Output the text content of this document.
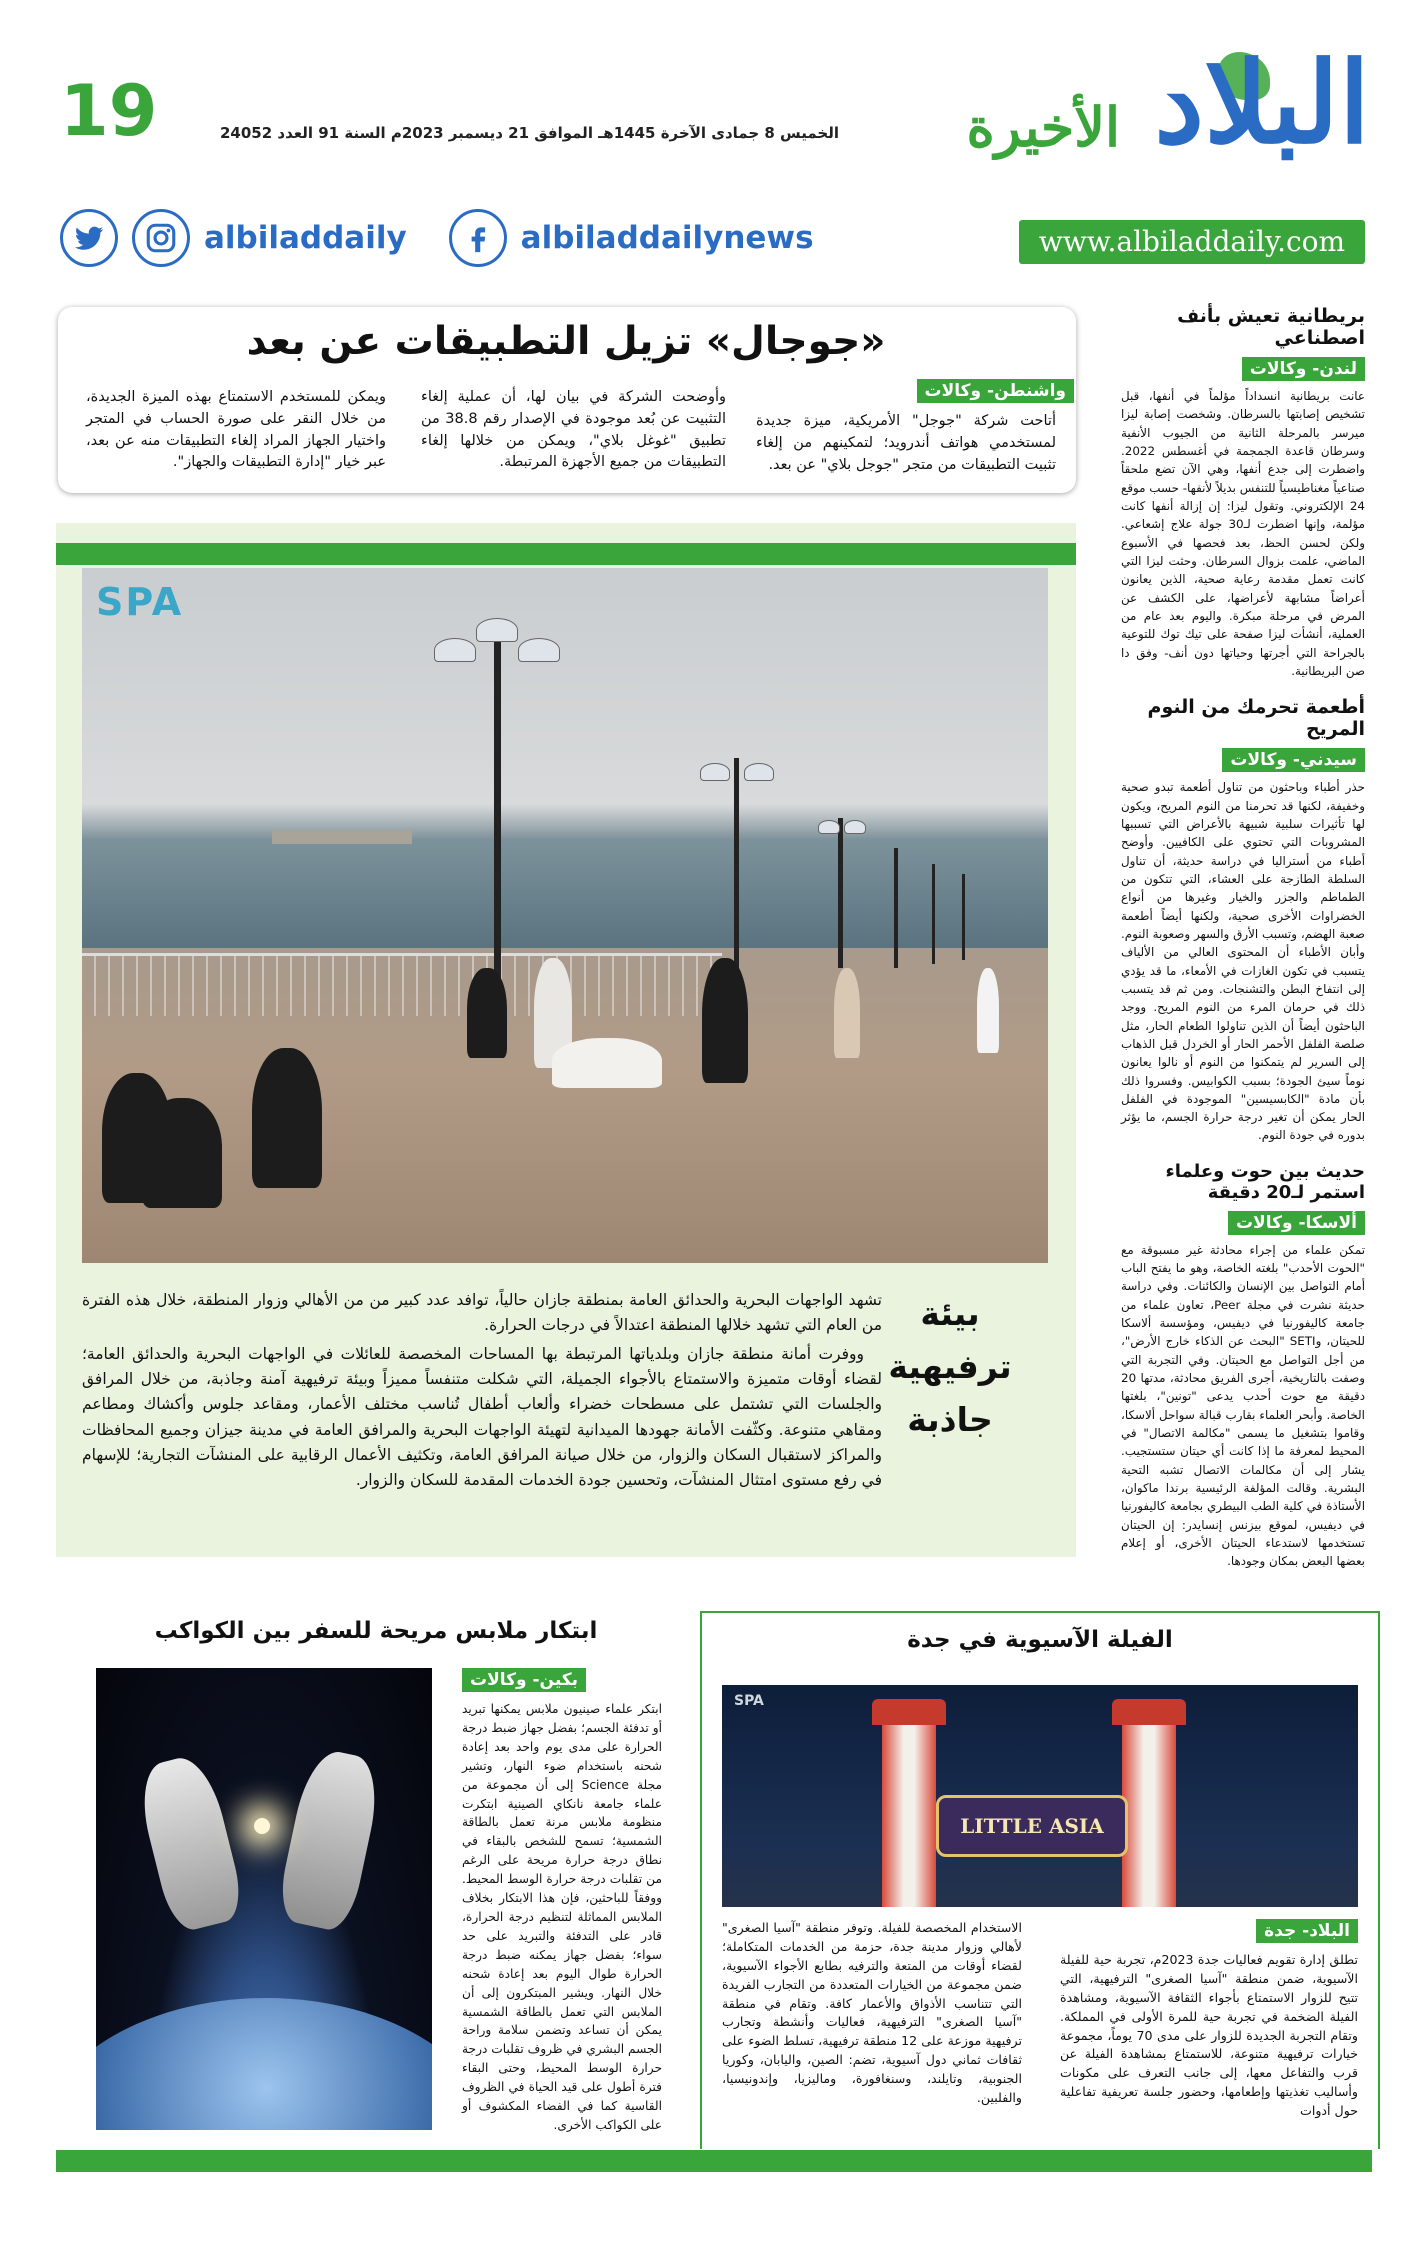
19	الخميس 8 جمادى الآخرة 1445هـ الموافق 21 ديسمبر 2023م السنة 91 العدد 24052	البلاد
الأخيرة
www.albiladdaily.com
albiladdaily	albiladdailynews
«جوجال» تزيل التطبيقات عن بعد
واشنطن- وكالات
أتاحت شركة "جوجل" الأمريكية، ميزة جديدة لمستخدمي هواتف أندرويد؛ لتمكينهم من إلغاء تثبيت التطبيقات من متجر "جوجل بلاي" عن بعد.
وأوضحت الشركة في بيان لها، أن عملية إلغاء التثبيت عن بُعد موجودة في الإصدار رقم 38.8 من تطبيق "غوغل بلاي"، ويمكن من خلالها إلغاء التطبيقات من جميع الأجهزة المرتبطة.
ويمكن للمستخدم الاستمتاع بهذه الميزة الجديدة، من خلال النقر على صورة الحساب في المتجر واختيار الجهاز المراد إلغاء التطبيقات منه عن بعد، عبر خيار "إدارة التطبيقات والجهاز".
SPA
بيئة ترفيهية جاذبة
تشهد الواجهات البحرية والحدائق العامة بمنطقة جازان حالياً، توافد عدد كبير من من الأهالي وزوار المنطقة، خلال هذه الفترة من العام التي تشهد خلالها المنطقة اعتدالاً في درجات الحرارة.
ووفرت أمانة منطقة جازان وبلدياتها المرتبطة بها المساحات المخصصة للعائلات في الواجهات البحرية والحدائق العامة؛ لقضاء أوقات متميزة والاستمتاع بالأجواء الجميلة، التي شكلت متنفساً مميزاً وبيئة ترفيهية آمنة وجاذبة، من خلال المرافق والجلسات التي تشتمل على مسطحات خضراء وألعاب أطفال تُناسب مختلف الأعمار، ومقاعد جلوس وأكشاك ومطاعم ومقاهي متنوعة. وكثّفت الأمانة جهودها الميدانية لتهيئة الواجهات البحرية والمرافق العامة في مدينة جيزان وجميع المحافظات والمراكز لاستقبال السكان والزوار، من خلال صيانة المرافق العامة، وتكثيف الأعمال الرقابية على المنشآت التجارية؛ للإسهام في رفع مستوى امتثال المنشآت، وتحسين جودة الخدمات المقدمة للسكان والزوار.
بريطانية تعيش بأنف اصطناعي
لندن- وكالات
عانت بريطانية انسداداً مؤلماً في أنفها، قبل تشخيص إصابتها بالسرطان. وشخصت إصابة ليزا ميرسر بالمرحلة الثانية من الجيوب الأنفية وسرطان قاعدة الجمجمة في أغسطس 2022. واضطرت إلى جدع أنفها، وهي الآن تضع ملحقاً صناعياً مغناطيسياً للتنفس بديلاً لأنفها- حسب موقع 24 الإلكتروني. وتقول ليزا: إن إزالة أنفها كانت مؤلمة، وإنها اضطرت لـ30 جولة علاج إشعاعي. ولكن لحسن الحظ، بعد فحصها في الأسبوع الماضي، علمت بزوال السرطان. وحثت ليزا التي كانت تعمل مقدمة رعاية صحية، الذين يعانون أعراضاً مشابهة لأعراضها، على الكشف عن المرض في مرحلة مبكرة. واليوم بعد عام من العملية، أنشأت ليزا صفحة على تيك توك للتوعية بالجراحة التي أجرتها وحياتها دون أنف- وفق دا صن البريطانية.
أطعمة تحرمك من النوم المريح
سيدني- وكالات
حذر أطباء وباحثون من تناول أطعمة تبدو صحية وخفيفة، لكنها قد تحرمنا من النوم المريح، ويكون لها تأثيرات سلبية شبيهة بالأعراض التي تسببها المشروبات التي تحتوي على الكافيين. وأوضح أطباء من أستراليا في دراسة حديثة، أن تناول السلطة الطازجة على العشاء، التي تتكون من الطماطم والجزر والخيار وغيرها من أنواع الخضراوات الأخرى صحية، ولكنها أيضاً أطعمة صعبة الهضم، وتسبب الأرق والسهر وصعوبة النوم. وأبان الأطباء أن المحتوى العالي من الألياف يتسبب في تكون الغازات في الأمعاء، ما قد يؤدي إلى انتفاخ البطن والتشنجات. ومن ثم قد يتسبب ذلك في حرمان المرء من النوم المريح. ووجد الباحثون أيضاً أن الذين تناولوا الطعام الحار، مثل صلصة الفلفل الأحمر الحار أو الخردل قبل الذهاب إلى السرير لم يتمكنوا من النوم أو نالوا يعانون نوماً سيئ الجودة؛ بسبب الكوابيس. وفسروا ذلك بأن مادة "الكابسيسين" الموجودة في الفلفل الحار يمكن أن تغير درجة حرارة الجسم، ما يؤثر بدوره في جودة النوم.
حديث بين حوت وعلماء استمر لـ20 دقيقة
ألاسكا- وكالات
تمكن علماء من إجراء محادثة غير مسبوقة مع "الحوت الأحدب" بلغته الخاصة، وهو ما يفتح الباب أمام التواصل بين الإنسان والكائنات. وفي دراسة حديثة نشرت في مجلة Peer، تعاون علماء من جامعة كاليفورنيا في ديفيس، ومؤسسة ألاسكا للحيتان، وSETI "البحث عن الذكاء خارج الأرض"، من أجل التواصل مع الحيتان. وفي التجربة التي وصفت بالتاريخية، أجرى الفريق محادثة، مدتها 20 دقيقة مع حوت أحدب يدعى "تونين"، بلغتها الخاصة. وأبحر العلماء بقارب قبالة سواحل ألاسكا، وقاموا بتشغيل ما يسمى "مكالمة الاتصال" في المحيط لمعرفة ما إذا كانت أي حيتان ستستجيب. يشار إلى أن مكالمات الاتصال تشبه التحية البشرية. وقالت المؤلفة الرئيسية برندا ماكوان، الأستاذة في كلية الطب البيطري بجامعة كاليفورنيا في ديفيس، لموقع بيزنس إنسايدر: إن الحيتان تستخدمها لاستدعاء الحيتان الأخرى، أو إعلام بعضها البعض بمكان وجودها.
الفيلة الآسيوية في جدة
LITTLE ASIA
SPA
البلاد- جدة
تطلق إدارة تقويم فعاليات جدة 2023م، تجربة حية للفيلة الآسيوية، ضمن منطقة "آسيا الصغرى" الترفيهية، التي تتيح للزوار الاستمتاع بأجواء الثقافة الآسيوية، ومشاهدة الفيلة الضخمة في تجربة حية للمرة الأولى في المملكة. وتقام التجربة الجديدة للزوار على مدى 70 يوماً، مجموعة خيارات ترفيهية متنوعة، للاستمتاع بمشاهدة الفيلة عن قرب والتفاعل معها، إلى جانب التعرف على مكونات وأساليب تغذيتها وإطعامها، وحضور جلسة تعريفية تفاعلية حول أدوات
الاستخدام المخصصة للفيلة. وتوفر منطقة "آسيا الصغرى" لأهالي وزوار مدينة جدة، حزمة من الخدمات المتكاملة؛ لقضاء أوقات من المتعة والترفيه بطابع الأجواء الآسيوية، ضمن مجموعة من الخيارات المتعددة من التجارب الفريدة التي تتناسب الأذواق والأعمار كافة. وتقام في منطقة "آسيا الصغرى" الترفيهية، فعاليات وأنشطة وتجارب ترفيهية موزعة على 12 منطقة ترفيهية، تسلط الضوء على ثقافات ثماني دول آسيوية، تضم: الصين، واليابان، وكوريا الجنوبية، وتايلند، وسنغافورة، وماليزيا، وإندونيسيا، والفلبين.
ابتكار ملابس مريحة للسفر بين الكواكب
بكين- وكالات
ابتكر علماء صينيون ملابس يمكنها تبريد أو تدفئة الجسم؛ بفضل جهاز ضبط درجة الحرارة على مدى يوم واحد بعد إعادة شحنه باستخدام ضوء النهار، وتشير مجلة Science إلى أن مجموعة من علماء جامعة نانكاي الصينية ابتكرت منظومة ملابس مرنة تعمل بالطاقة الشمسية؛ تسمح للشخص بالبقاء في نطاق درجة حرارة مريحة على الرغم من تقلبات درجة حرارة الوسط المحيط. ووفقاً للباحثين، فإن هذا الابتكار بخلاف الملابس المماثلة لتنظيم درجة الحرارة، قادر على التدفئة والتبريد على حد سواء؛ بفضل جهاز يمكنه ضبط درجة الحرارة طوال اليوم بعد إعادة شحنه خلال النهار. ويشير المبتكرون إلى أن الملابس التي تعمل بالطاقة الشمسية يمكن أن تساعد وتضمن سلامة وراحة الجسم البشري في ظروف تقلبات درجة حرارة الوسط المحيط، وحتى البقاء فترة أطول على قيد الحياة في الظروف القاسية كما في الفضاء المكشوف أو على الكواكب الأخرى.
